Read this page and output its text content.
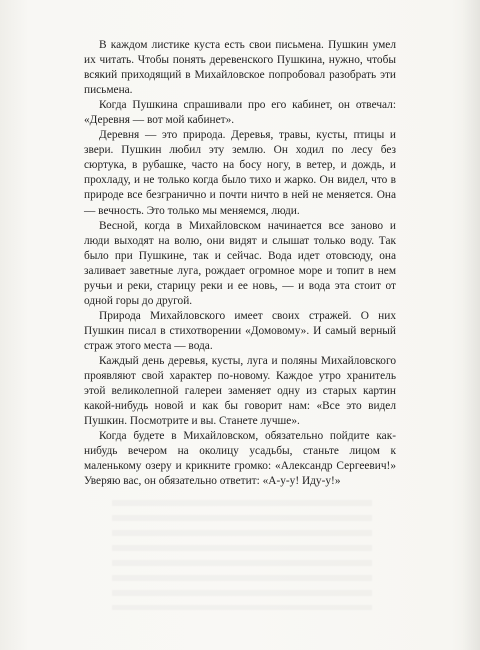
В каждом листике куста есть свои письмена. Пушкин умел их читать. Чтобы понять деревенского Пушкина, нужно, чтобы всякий приходящий в Михайловское попробовал разобрать эти письмена.

Когда Пушкина спрашивали про его кабинет, он отвечал: «Деревня — вот мой кабинет».

Деревня — это природа. Деревья, травы, кусты, птицы и звери. Пушкин любил эту землю. Он ходил по лесу без сюртука, в рубашке, часто на босу ногу, в ветер, и дождь, и прохладу, и не только когда было тихо и жарко. Он видел, что в природе все безгранично и почти ничто в ней не меняется. Она — вечность. Это только мы меняемся, люди.

Весной, когда в Михайловском начинается все заново и люди выходят на волю, они видят и слышат только воду. Так было при Пушкине, так и сейчас. Вода идет отовсюду, она заливает заветные луга, рождает огромное море и топит в нем ручьи и реки, старицу реки и ее новь, — и вода эта стоит от одной горы до другой.

Природа Михайловского имеет своих стражей. О них Пушкин писал в стихотворении «Домовому». И самый верный страж этого места — вода.

Каждый день деревья, кусты, луга и поляны Михайловского проявляют свой характер по-новому. Каждое утро хранитель этой великолепной галереи заменяет одну из старых картин какой-нибудь новой и как бы говорит нам: «Все это видел Пушкин. Посмотрите и вы. Станете лучше».

Когда будете в Михайловском, обязательно пойдите как-нибудь вечером на околицу усадьбы, станьте лицом к маленькому озеру и крикните громко: «Александр Сергеевич!» Уверяю вас, он обязательно ответит: «А-у-у! Иду-у!»
